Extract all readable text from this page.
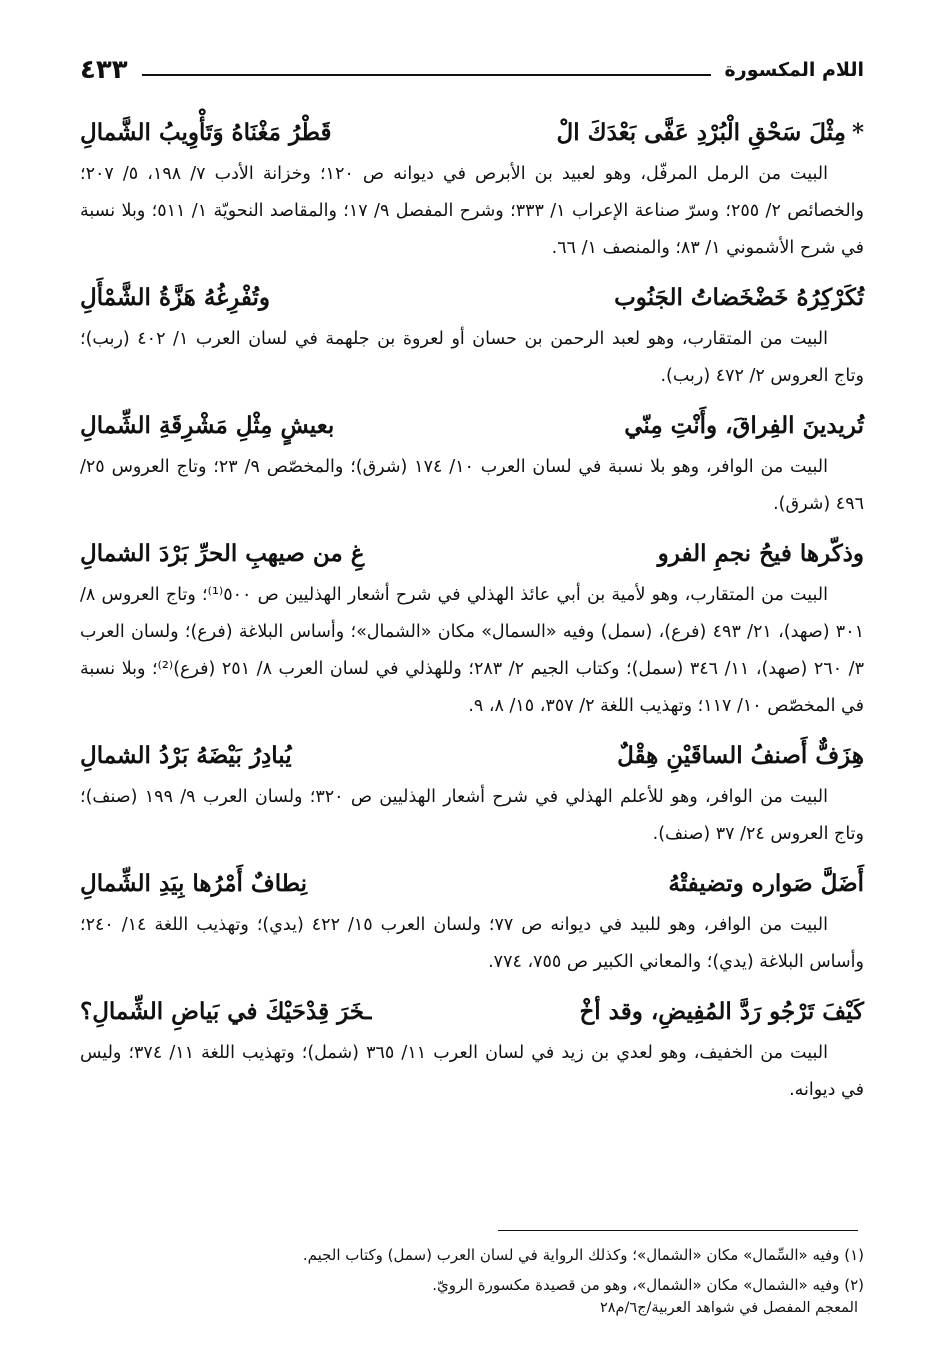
اللام المكسورة
٤٣٣
*مِثْلَ سَحْقِ الْبُرْدِ عَفَّى بَعْدَكَ الْ
قَطْرُ مَغْنَاهُ وَتَأْوِيبُ الشَّمالِ

البيت من الرمل المرفّل، وهو لعبيد بن الأبرص في ديوانه ص ١٢٠؛ وخزانة الأدب ٧/ ١٩٨، ٥/ ٢٠٧؛ والخصائص ٢/ ٢٥٥؛ وسرّ صناعة الإعراب ١/ ٣٣٣؛ وشرح المفصل ٩/ ١٧؛ والمقاصد النحويّة ١/ ٥١١؛ وبلا نسبة في شرح الأشموني ١/ ٨٣؛ والمنصف ١/ ٦٦.

تُكَرْكِرُهُ خَضْخَضاتُ الجَنُوب
وتُفْرِغُهُ هَزَّةُ الشَّمْأَلِ

البيت من المتقارب، وهو لعبد الرحمن بن حسان أو لعروة بن جلهمة في لسان العرب ١/ ٤٠٢ (ربب)؛ وتاج العروس ٢/ ٤٧٢ (ربب).

تُريدينَ الفِراقَ، وأَنْتِ مِنّي
بعيشٍ مِثْلِ مَشْرِقَةِ الشِّمالِ

البيت من الوافر، وهو بلا نسبة في لسان العرب ١٠/ ١٧٤ (شرق)؛ والمخصّص ٩/ ٢٣؛ وتاج العروس ٢٥/ ٤٩٦ (شرق).

وذكّرها فيحُ نجمِ الفرو
غِ من صيهبِ الحرِّ بَرْدَ الشمالِ

البيت من المتقارب، وهو لأمية بن أبي عائذ الهذلي في شرح أشعار الهذليين ص ٥٠٠⁽¹⁾؛ وتاج العروس ٨/ ٣٠١ (صهد)، ٢١/ ٤٩٣ (فرع)، (سمل) وفيه «السمال» مكان «الشمال»؛ وأساس البلاغة (فرع)؛ ولسان العرب ٣/ ٢٦٠ (صهد)، ١١/ ٣٤٦ (سمل)؛ وكتاب الجيم ٢/ ٢٨٣؛ وللهذلي في لسان العرب ٨/ ٢٥١ (فرع)⁽²⁾؛ وبلا نسبة في المخصّص ١٠/ ١١٧؛ وتهذيب اللغة ٢/ ٣٥٧، ١٥/ ٨، ٩.

هِزَفٌّ أَصنفُ الساقَيْنِ هِقْلٌ
يُبادِرُ بَيْضَهُ بَرْدُ الشمالِ

البيت من الوافر، وهو للأعلم الهذلي في شرح أشعار الهذليين ص ٣٢٠؛ ولسان العرب ٩/ ١٩٩ (صنف)؛ وتاج العروس ٢٤/ ٣٧ (صنف).

أَضَلَّ صَواره وتضيفتْهُ
نِطافٌ أَمْرُها بِيَدِ الشِّمالِ

البيت من الوافر، وهو للبيد في ديوانه ص ٧٧؛ ولسان العرب ١٥/ ٤٢٢ (يدي)؛ وتهذيب اللغة ١٤/ ٢٤٠؛ وأساس البلاغة (يدي)؛ والمعاني الكبير ص ٧٥٥، ٧٧٤.

كَيْفَ تَرْجُو رَدَّ المُفِيضِ، وقد أخْ
ـخَرَ قِدْحَيْكَ في بَياضِ الشِّمالِ؟

البيت من الخفيف، وهو لعدي بن زيد في لسان العرب ١١/ ٣٦٥ (شمل)؛ وتهذيب اللغة ١١/ ٣٧٤؛ وليس في ديوانه.

(١) وفيه «السِّمال» مكان «الشمال»؛ وكذلك الرواية في لسان العرب (سمل) وكتاب الجيم.

(٢) وفيه «الشمال» مكان «الشمال»، وهو من قصيدة مكسورة الرويّ.

المعجم المفصل في شواهد العربية/ج٦/م٢٨
